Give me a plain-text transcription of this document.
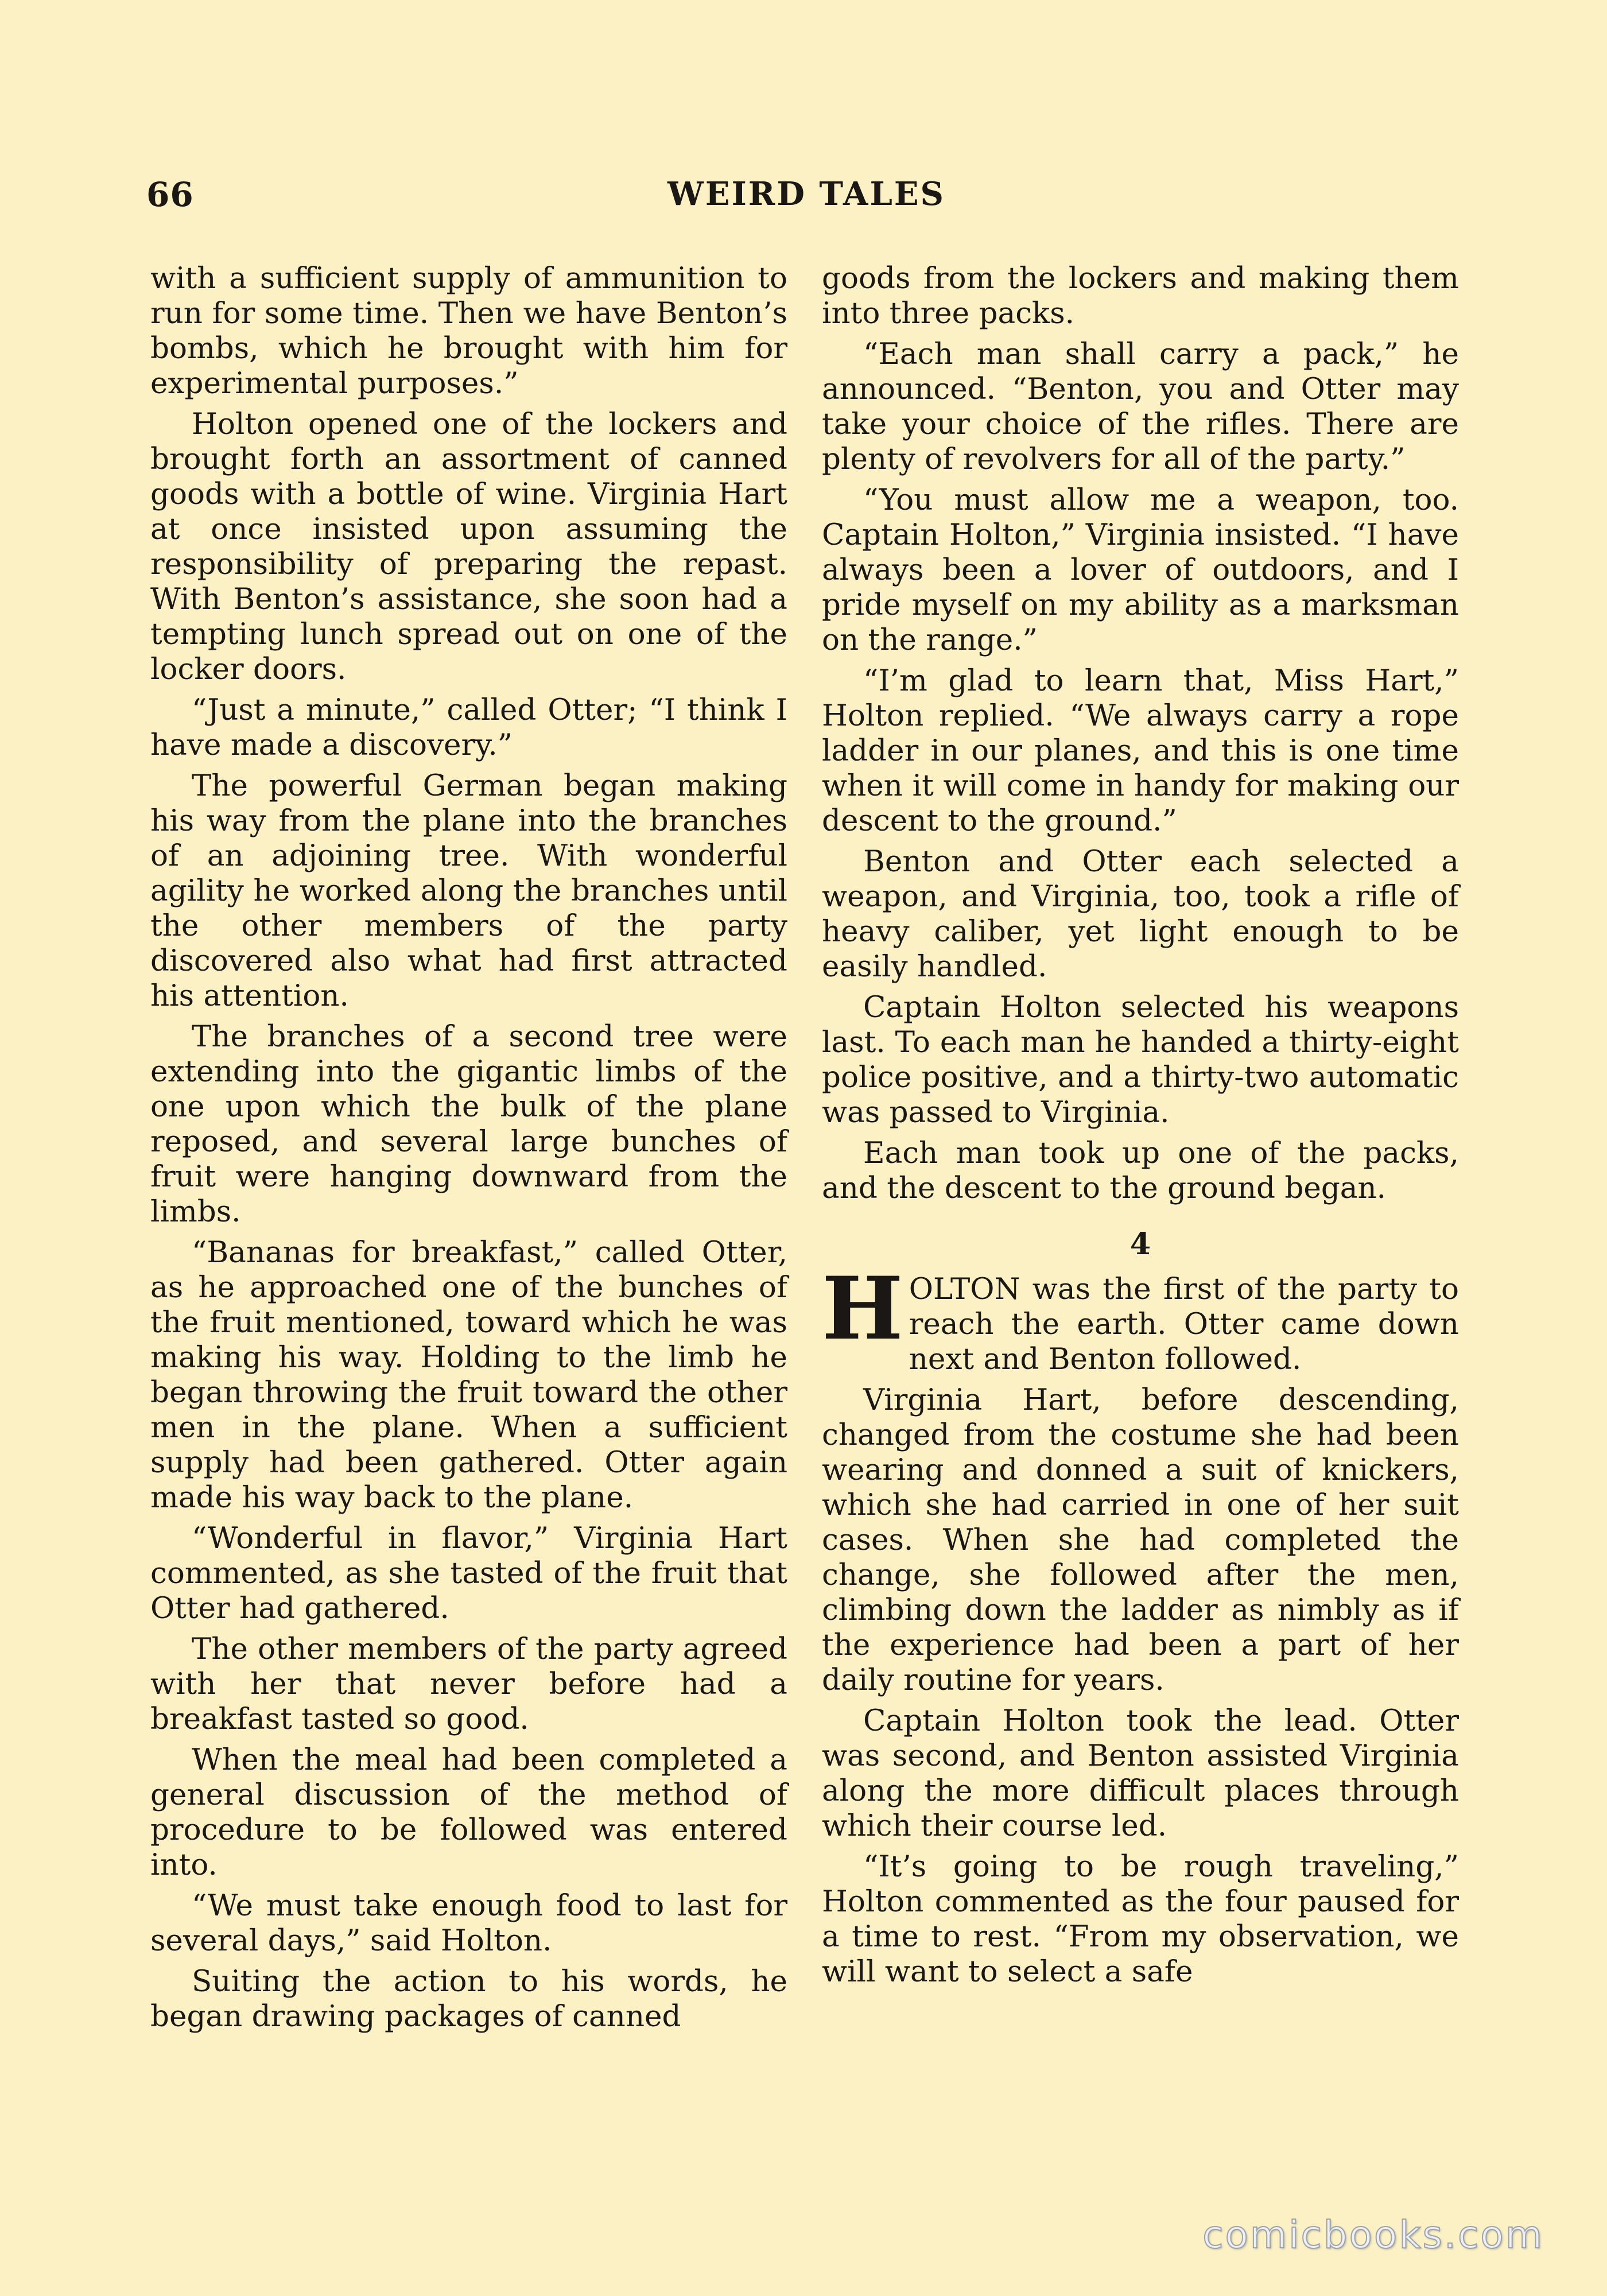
66	WEIRD TALES

with a sufficient supply of ammunition to run for some time. Then we have Benton’s bombs, which he brought with him for experimental purposes.”

Holton opened one of the lockers and brought forth an assortment of canned goods with a bottle of wine. Virginia Hart at once insisted upon assuming the responsibility of preparing the repast. With Benton’s assistance, she soon had a tempting lunch spread out on one of the locker doors.

“Just a minute,” called Otter; “I think I have made a discovery.”

The powerful German began making his way from the plane into the branches of an adjoining tree. With wonderful agility he worked along the branches until the other members of the party discovered also what had first attracted his attention.

The branches of a second tree were extending into the gigantic limbs of the one upon which the bulk of the plane reposed, and several large bunches of fruit were hanging downward from the limbs.

“Bananas for breakfast,” called Otter, as he approached one of the bunches of the fruit mentioned, toward which he was making his way. Holding to the limb he began throwing the fruit toward the other men in the plane. When a sufficient supply had been gathered. Otter again made his way back to the plane.

“Wonderful in flavor,” Virginia Hart commented, as she tasted of the fruit that Otter had gathered.

The other members of the party agreed with her that never before had a breakfast tasted so good.

When the meal had been completed a general discussion of the method of procedure to be followed was entered into.

“We must take enough food to last for several days,” said Holton.

Suiting the action to his words, he began drawing packages of canned

goods from the lockers and making them into three packs.

“Each man shall carry a pack,” he announced. “Benton, you and Otter may take your choice of the rifles. There are plenty of revolvers for all of the party.”

“You must allow me a weapon, too. Captain Holton,” Virginia insisted. “I have always been a lover of outdoors, and I pride myself on my ability as a marksman on the range.”

“I’m glad to learn that, Miss Hart,” Holton replied. “We always carry a rope ladder in our planes, and this is one time when it will come in handy for making our descent to the ground.”

Benton and Otter each selected a weapon, and Virginia, too, took a rifle of heavy caliber, yet light enough to be easily handled.

Captain Holton selected his weapons last. To each man he handed a thirty-eight police positive, and a thirty-two automatic was passed to Virginia.

Each man took up one of the packs, and the descent to the ground began.

4

HOLTON was the first of the party to reach the earth. Otter came down next and Benton followed.

Virginia Hart, before descending, changed from the costume she had been wearing and donned a suit of knickers, which she had carried in one of her suit cases. When she had completed the change, she followed after the men, climbing down the ladder as nimbly as if the experience had been a part of her daily routine for years.

Captain Holton took the lead. Otter was second, and Benton assisted Virginia along the more difficult places through which their course led.

“It’s going to be rough traveling,” Holton commented as the four paused for a time to rest. “From my observation, we will want to select a safe

comicbooks.com
